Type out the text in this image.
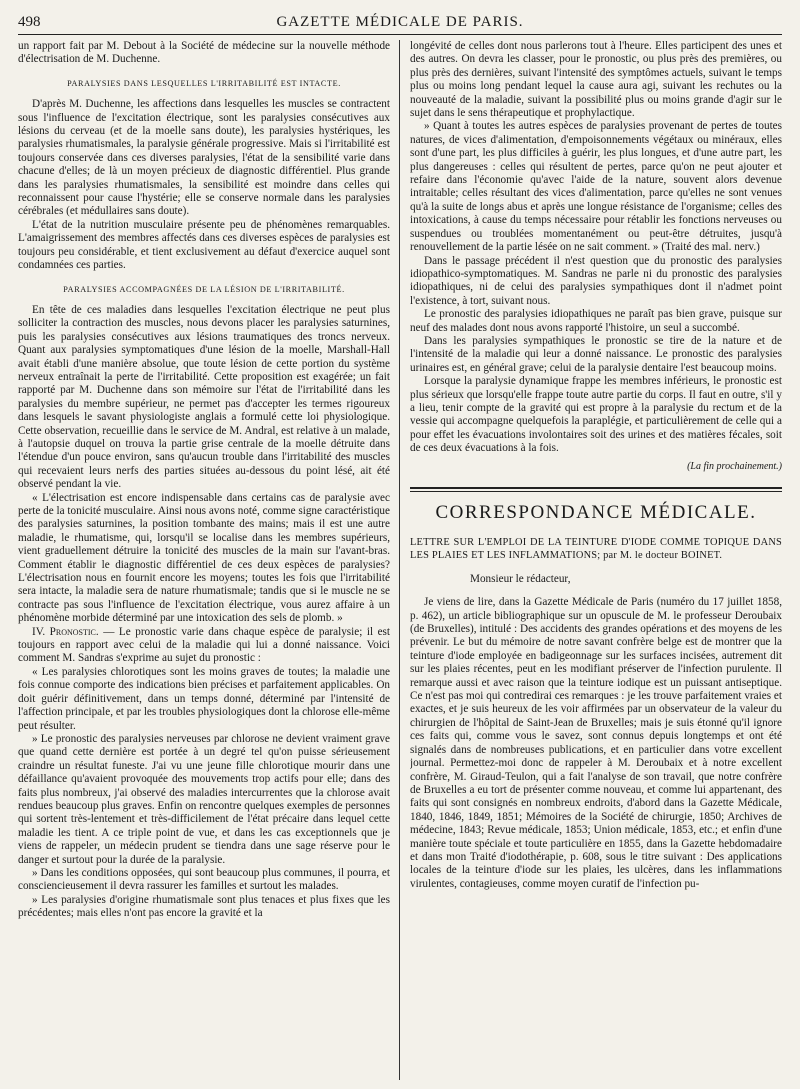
498	GAZETTE MÉDICALE DE PARIS.

un rapport fait par M. Debout à la Société de médecine sur la nouvelle méthode d'électrisation de M. Duchenne.

PARALYSIES DANS LESQUELLES L'IRRITABILITÉ EST INTACTE.

D'après M. Duchenne, les affections dans lesquelles les muscles se contractent sous l'influence de l'excitation électrique, sont les paralysies consécutives aux lésions du cerveau (et de la moelle sans doute), les paralysies hystériques, les paralysies rhumatismales, la paralysie générale progressive. Mais si l'irritabilité est toujours conservée dans ces diverses paralysies, l'état de la sensibilité varie dans chacune d'elles; de là un moyen précieux de diagnostic différentiel. Plus grande dans les paralysies rhumatismales, la sensibilité est moindre dans celles qui reconnaissent pour cause l'hystérie; elle se conserve normale dans les paralysies cérébrales (et médullaires sans doute).

L'état de la nutrition musculaire présente peu de phénomènes remarquables. L'amaigrissement des membres affectés dans ces diverses espèces de paralysies est toujours peu considérable, et tient exclusivement au défaut d'exercice auquel sont condamnées ces parties.

PARALYSIES ACCOMPAGNÉES DE LA LÉSION DE L'IRRITABILITÉ.

En tête de ces maladies dans lesquelles l'excitation électrique ne peut plus solliciter la contraction des muscles, nous devons placer les paralysies saturnines, puis les paralysies consécutives aux lésions traumatiques des troncs nerveux. Quant aux paralysies symptomatiques d'une lésion de la moelle, Marshall-Hall avait établi d'une manière absolue, que toute lésion de cette portion du système nerveux entraînait la perte de l'irritabilité. Cette proposition est exagérée; un fait rapporté par M. Duchenne dans son mémoire sur l'état de l'irritabilité dans les paralysies du membre supérieur, ne permet pas d'accepter les termes rigoureux dans lesquels le savant physiologiste anglais a formulé cette loi physiologique. Cette observation, recueillie dans le service de M. Andral, est relative à un malade, à l'autopsie duquel on trouva la partie grise centrale de la moelle détruite dans l'étendue d'un pouce environ, sans qu'aucun trouble dans l'irritabilité des muscles qui recevaient leurs nerfs des parties situées au-dessous du point lésé, ait été observé pendant la vie.

« L'électrisation est encore indispensable dans certains cas de paralysie avec perte de la tonicité musculaire. Ainsi nous avons noté, comme signe caractéristique des paralysies saturnines, la position tombante des mains; mais il est une autre maladie, le rhumatisme, qui, lorsqu'il se localise dans les membres supérieurs, vient graduellement détruire la tonicité des muscles de la main sur l'avant-bras. Comment établir le diagnostic différentiel de ces deux espèces de paralysies? L'électrisation nous en fournit encore les moyens; toutes les fois que l'irritabilité sera intacte, la maladie sera de nature rhumatismale; tandis que si le muscle ne se contracte pas sous l'influence de l'excitation électrique, vous aurez affaire à un phénomène morbide déterminé par une intoxication des sels de plomb. »

IV. Pronostic. — Le pronostic varie dans chaque espèce de paralysie; il est toujours en rapport avec celui de la maladie qui lui a donné naissance. Voici comment M. Sandras s'exprime au sujet du pronostic :

« Les paralysies chlorotiques sont les moins graves de toutes; la maladie une fois connue comporte des indications bien précises et parfaitement applicables. On doit guérir définitivement, dans un temps donné, déterminé par l'intensité de l'affection principale, et par les troubles physiologiques dont la chlorose elle-même peut résulter.

» Le pronostic des paralysies nerveuses par chlorose ne devient vraiment grave que quand cette dernière est portée à un degré tel qu'on puisse sérieusement craindre un résultat funeste. J'ai vu une jeune fille chlorotique mourir dans une défaillance qu'avaient provoquée des mouvements trop actifs pour elle; dans des faits plus nombreux, j'ai observé des maladies intercurrentes que la chlorose avait rendues beaucoup plus graves. Enfin on rencontre quelques exemples de personnes qui sortent très-lentement et très-difficilement de l'état précaire dans lequel cette maladie les tient. A ce triple point de vue, et dans les cas exceptionnels que je viens de rappeler, un médecin prudent se tiendra dans une sage réserve pour le danger et surtout pour la durée de la paralysie.

» Dans les conditions opposées, qui sont beaucoup plus communes, il pourra, et consciencieusement il devra rassurer les familles et surtout les malades.

» Les paralysies d'origine rhumatismale sont plus tenaces et plus fixes que les précédentes; mais elles n'ont pas encore la gravité et la

longévité de celles dont nous parlerons tout à l'heure. Elles participent des unes et des autres. On devra les classer, pour le pronostic, ou plus près des premières, ou plus près des dernières, suivant l'intensité des symptômes actuels, suivant le temps plus ou moins long pendant lequel la cause aura agi, suivant les rechutes ou la nouveauté de la maladie, suivant la possibilité plus ou moins grande d'agir sur le sujet dans le sens thérapeutique et prophylactique.

» Quant à toutes les autres espèces de paralysies provenant de pertes de toutes natures, de vices d'alimentation, d'empoisonnements végétaux ou minéraux, elles sont d'une part, les plus difficiles à guérir, les plus longues, et d'une autre part, les plus dangereuses : celles qui résultent de pertes, parce qu'on ne peut ajouter et refaire dans l'économie qu'avec l'aide de la nature, souvent alors devenue intraitable; celles résultant des vices d'alimentation, parce qu'elles ne sont venues qu'à la suite de longs abus et après une longue résistance de l'organisme; celles des intoxications, à cause du temps nécessaire pour rétablir les fonctions nerveuses ou suspendues ou troublées momentanément ou peut-être détruites, jusqu'à renouvellement de la partie lésée on ne sait comment. » (Traité des mal. nerv.)

Dans le passage précédent il n'est question que du pronostic des paralysies idiopathico-symptomatiques. M. Sandras ne parle ni du pronostic des paralysies idiopathiques, ni de celui des paralysies sympathiques dont il n'admet point l'existence, à tort, suivant nous.

Le pronostic des paralysies idiopathiques ne paraît pas bien grave, puisque sur neuf des malades dont nous avons rapporté l'histoire, un seul a succombé.

Dans les paralysies sympathiques le pronostic se tire de la nature et de l'intensité de la maladie qui leur a donné naissance. Le pronostic des paralysies urinaires est, en général grave; celui de la paralysie dentaire l'est beaucoup moins.

Lorsque la paralysie dynamique frappe les membres inférieurs, le pronostic est plus sérieux que lorsqu'elle frappe toute autre partie du corps. Il faut en outre, s'il y a lieu, tenir compte de la gravité qui est propre à la paralysie du rectum et de la vessie qui accompagne quelquefois la paraplégie, et particulièrement de celle qui a pour effet les évacuations involontaires soit des urines et des matières fécales, soit de ces deux évacuations à la fois.

(La fin prochainement.)

CORRESPONDANCE MÉDICALE.

LETTRE SUR L'EMPLOI DE LA TEINTURE D'IODE COMME TOPIQUE DANS LES PLAIES ET LES INFLAMMATIONS; par M. le docteur BOINET.

Monsieur le rédacteur,

Je viens de lire, dans la Gazette Médicale de Paris (numéro du 17 juillet 1858, p. 462), un article bibliographique sur un opuscule de M. le professeur Deroubaix (de Bruxelles), intitulé : Des accidents des grandes opérations et des moyens de les prévenir. Le but du mémoire de notre savant confrère belge est de montrer que la teinture d'iode employée en badigeonnage sur les surfaces incisées, autrement dit sur les plaies récentes, peut en les modifiant préserver de l'infection purulente. Il remarque aussi et avec raison que la teinture iodique est un puissant antiseptique. Ce n'est pas moi qui contredirai ces remarques : je les trouve parfaitement vraies et exactes, et je suis heureux de les voir affirmées par un observateur de la valeur du chirurgien de l'hôpital de Saint-Jean de Bruxelles; mais je suis étonné qu'il ignore ces faits qui, comme vous le savez, sont connus depuis longtemps et ont été signalés dans de nombreuses publications, et en particulier dans votre excellent journal. Permettez-moi donc de rappeler à M. Deroubaix et à notre excellent confrère, M. Giraud-Teulon, qui a fait l'analyse de son travail, que notre confrère de Bruxelles a eu tort de présenter comme nouveau, et comme lui appartenant, des faits qui sont consignés en nombreux endroits, d'abord dans la Gazette Médicale, 1840, 1846, 1849, 1851; Mémoires de la Société de chirurgie, 1850; Archives de médecine, 1843; Revue médicale, 1853; Union médicale, 1853, etc.; et enfin d'une manière toute spéciale et toute particulière en 1855, dans la Gazette hebdomadaire et dans mon Traité d'iodothérapie, p. 608, sous le titre suivant : Des applications locales de la teinture d'iode sur les plaies, les ulcères, dans les inflammations virulentes, contagieuses, comme moyen curatif de l'infection pu-
